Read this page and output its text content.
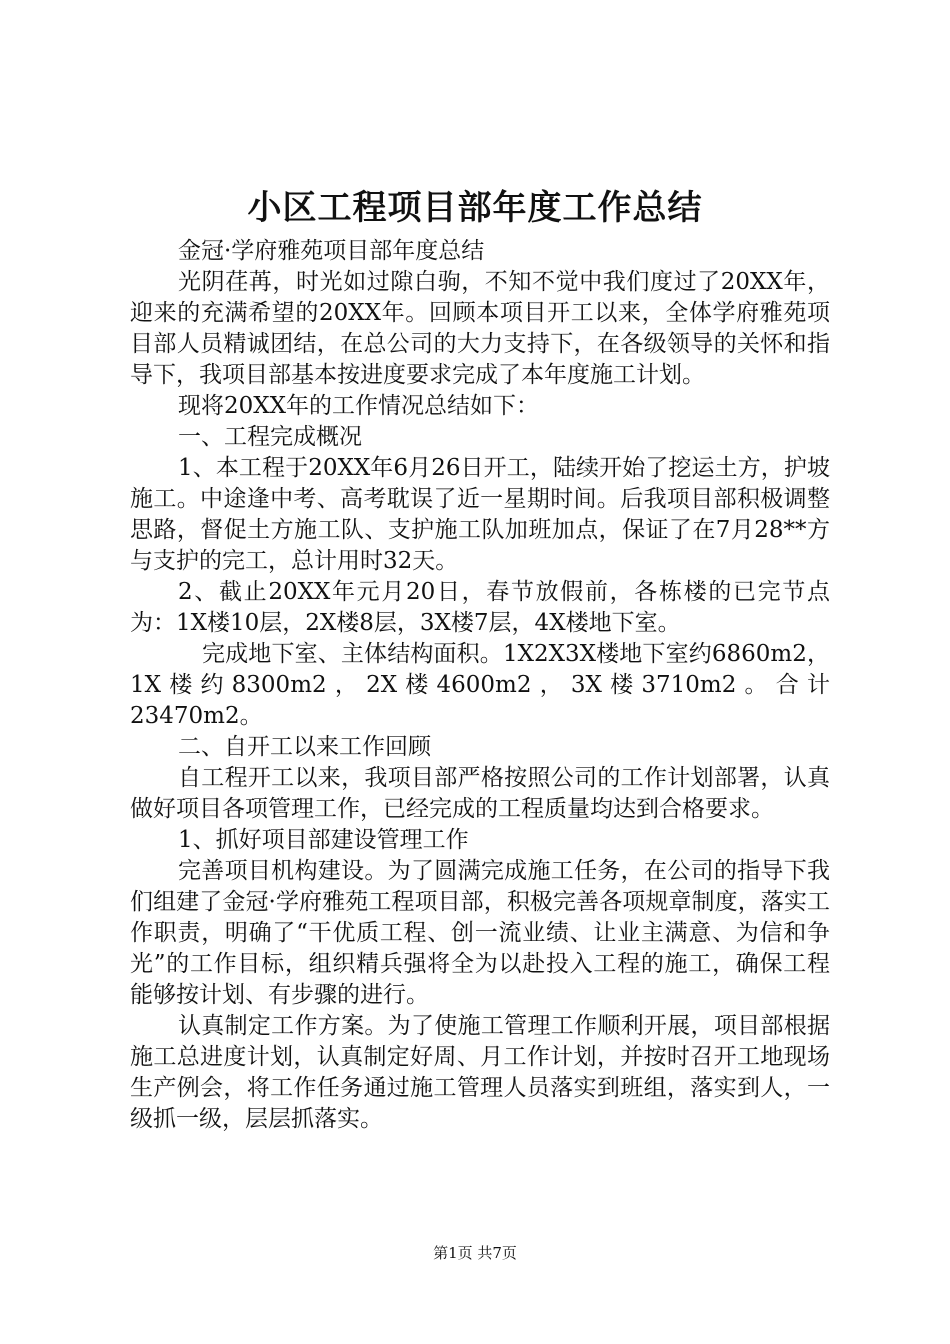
小区工程项目部年度工作总结

金冠·学府雅苑项目部年度总结

光阴荏苒，时光如过隙白驹，不知不觉中我们度过了20XX年，迎来的充满希望的20XX年。回顾本项目开工以来，全体学府雅苑项目部人员精诚团结，在总公司的大力支持下，在各级领导的关怀和指导下，我项目部基本按进度要求完成了本年度施工计划。

现将20XX年的工作情况总结如下：

一、工程完成概况

1、本工程于20XX年6月26日开工，陆续开始了挖运土方，护坡施工。中途逢中考、高考耽误了近一星期时间。后我项目部积极调整思路，督促土方施工队、支护施工队加班加点，保证了在7月28**方与支护的完工，总计用时32天。

2、截止20XX年元月20日，春节放假前，各栋楼的已完节点为：1X楼10层，2X楼8层，3X楼7层，4X楼地下室。

完成地下室、主体结构面积。1X2X3X楼地下室约6860m2，1X楼约8300m2，2X楼4600m2，3X楼3710m2。合计23470m2。

二、自开工以来工作回顾

自工程开工以来，我项目部严格按照公司的工作计划部署，认真做好项目各项管理工作，已经完成的工程质量均达到合格要求。

1、抓好项目部建设管理工作

完善项目机构建设。为了圆满完成施工任务，在公司的指导下我们组建了金冠·学府雅苑工程项目部，积极完善各项规章制度，落实工作职责，明确了“干优质工程、创一流业绩、让业主满意、为信和争光”的工作目标，组织精兵强将全为以赴投入工程的施工，确保工程能够按计划、有步骤的进行。

认真制定工作方案。为了使施工管理工作顺利开展，项目部根据施工总进度计划，认真制定好周、月工作计划，并按时召开工地现场生产例会，将工作任务通过施工管理人员落实到班组，落实到人，一级抓一级，层层抓落实。

第1页 共7页
